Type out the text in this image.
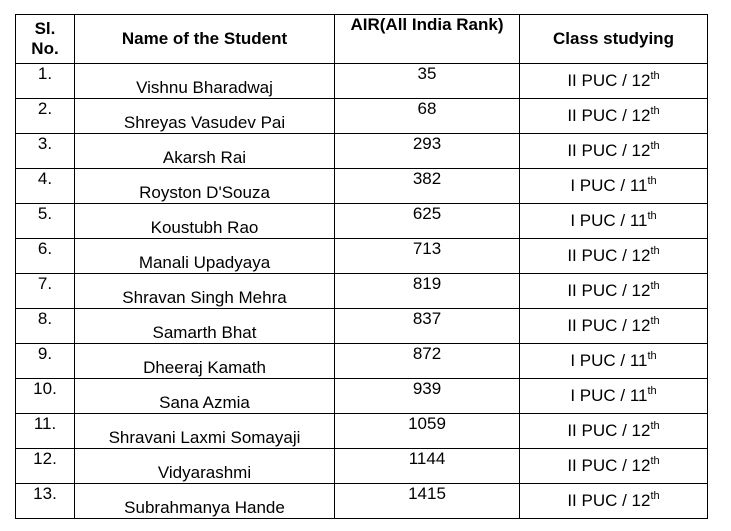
Sl.
No.	Name of the Student	AIR(All India Rank)	Class studying
1.	Vishnu Bharadwaj	35	II PUC / 12th
2.	Shreyas Vasudev Pai	68	II PUC / 12th
3.	Akarsh Rai	293	II PUC / 12th
4.	Royston D'Souza	382	I PUC / 11th
5.	Koustubh Rao	625	I PUC / 11th
6.	Manali Upadyaya	713	II PUC / 12th
7.	Shravan Singh Mehra	819	II PUC / 12th
8.	Samarth Bhat	837	II PUC / 12th
9.	Dheeraj Kamath	872	I PUC / 11th
10.	Sana Azmia	939	I PUC / 11th
11.	Shravani Laxmi Somayaji	1059	II PUC / 12th
12.	Vidyarashmi	1144	II PUC / 12th
13.	Subrahmanya Hande	1415	II PUC / 12th
